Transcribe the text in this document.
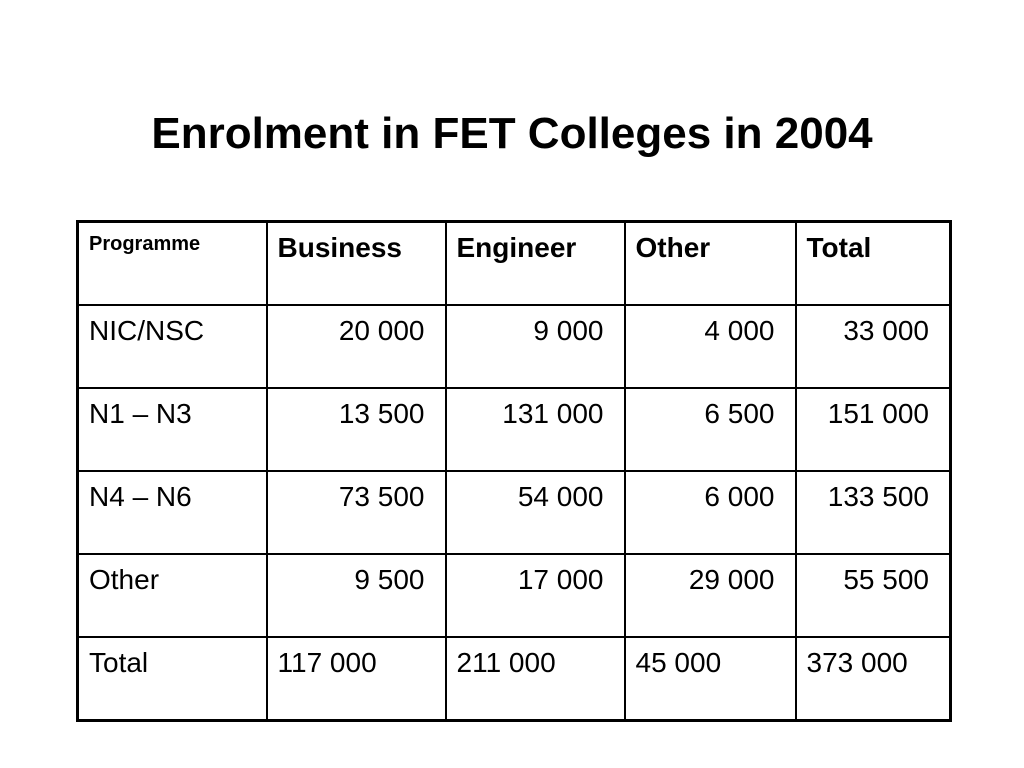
Enrolment in FET Colleges in 2004
Programme	Business	Engineer	Other	Total
NIC/NSC	20 000	9 000	4 000	33 000
N1 – N3	13 500	131 000	6 500	151 000
N4 – N6	73 500	54 000	6 000	133 500
Other	9 500	17 000	29 000	55 500
Total	117 000	211 000	45 000	373 000
